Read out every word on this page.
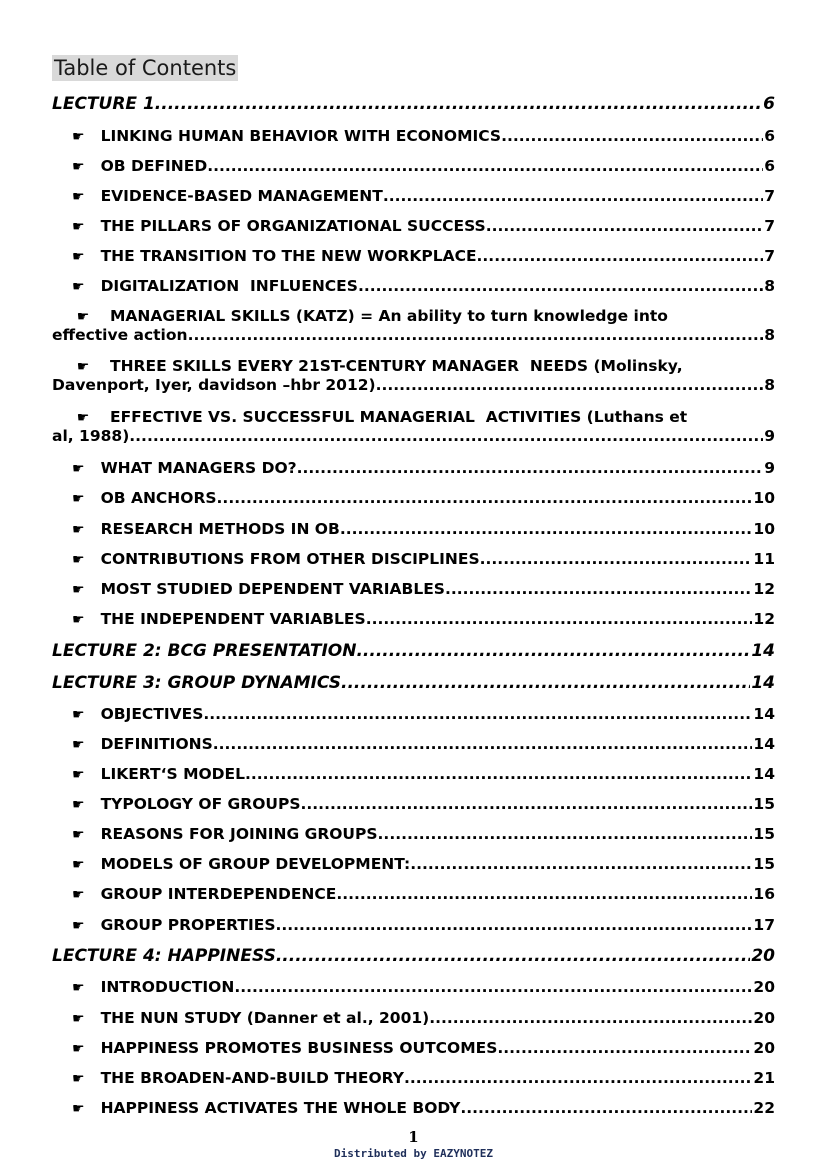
Table of Contents
LECTURE 1 .....	6
☛ LINKING HUMAN BEHAVIOR WITH ECONOMICS .....	6
☛ OB DEFINED .....	6
☛ EVIDENCE-BASED MANAGEMENT .....	7
☛ THE PILLARS OF ORGANIZATIONAL SUCCESS .....	7
☛ THE TRANSITION TO THE NEW WORKPLACE .....	7
☛ DIGITALIZATION  INFLUENCES .....	8
☛ MANAGERIAL SKILLS (KATZ) = An ability to turn knowledge into
effective action .....	8
☛ THREE SKILLS EVERY 21ST-CENTURY MANAGER  NEEDS (Molinsky,
Davenport, Iyer, davidson –hbr 2012) .....	8
☛ EFFECTIVE VS. SUCCESSFUL MANAGERIAL  ACTIVITIES (Luthans et
al, 1988) .....	9
☛ WHAT MANAGERS DO? .....	9
☛ OB ANCHORS .....	10
☛ RESEARCH METHODS IN OB .....	10
☛ CONTRIBUTIONS FROM OTHER DISCIPLINES .....	11
☛ MOST STUDIED DEPENDENT VARIABLES .....	12
☛ THE INDEPENDENT VARIABLES .....	12
LECTURE 2: BCG PRESENTATION .....	14
LECTURE 3: GROUP DYNAMICS .....	14
☛ OBJECTIVES .....	14
☛ DEFINITIONS .....	14
☛ LIKERT‘S MODEL .....	14
☛ TYPOLOGY OF GROUPS .....	15
☛ REASONS FOR JOINING GROUPS .....	15
☛ MODELS OF GROUP DEVELOPMENT: .....	15
☛ GROUP INTERDEPENDENCE .....	16
☛ GROUP PROPERTIES .....	17
LECTURE 4: HAPPINESS .....	20
☛ INTRODUCTION .....	20
☛ THE NUN STUDY (Danner et al., 2001) .....	20
☛ HAPPINESS PROMOTES BUSINESS OUTCOMES .....	20
☛ THE BROADEN-AND-BUILD THEORY .....	21
☛ HAPPINESS ACTIVATES THE WHOLE BODY .....	22
1
Distributed by EAZYNOTEZ
